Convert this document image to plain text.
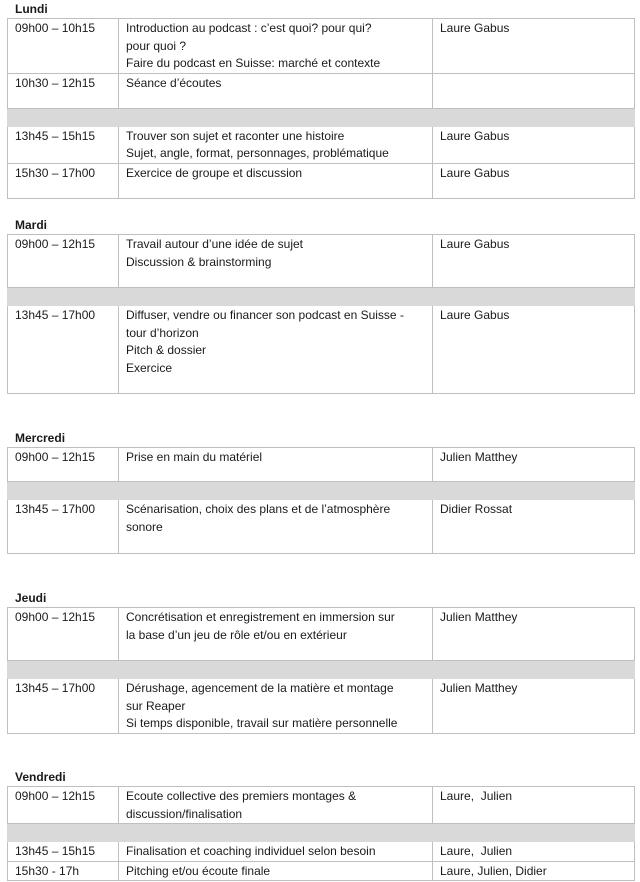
Lundi
09h00 – 10h15	Introduction au podcast : c’est quoi? pour qui?
pour quoi ?
Faire du podcast en Suisse: marché et contexte	Laure Gabus
10h30 – 12h15	Séance d’écoutes	

13h45 – 15h15	Trouver son sujet et raconter une histoire
Sujet, angle, format, personnages, problématique	Laure Gabus
15h30 – 17h00	Exercice de groupe et discussion	Laure Gabus
Mardi
09h00 – 12h15	Travail autour d’une idée de sujet
Discussion & brainstorming	Laure Gabus

13h45 – 17h00	Diffuser, vendre ou financer son podcast en Suisse -
tour d’horizon
Pitch & dossier
Exercice	Laure Gabus
Mercredi
09h00 – 12h15	Prise en main du matériel	Julien Matthey

13h45 – 17h00	Scénarisation, choix des plans et de l’atmosphère
sonore	Didier Rossat
Jeudi
09h00 – 12h15	Concrétisation et enregistrement en immersion sur
la base d’un jeu de rôle et/ou en extérieur	Julien Matthey

13h45 – 17h00	Dérushage, agencement de la matière et montage
sur Reaper
Si temps disponible, travail sur matière personnelle	Julien Matthey
Vendredi
09h00 – 12h15	Ecoute collective des premiers montages &
discussion/finalisation	Laure,  Julien

13h45 – 15h15	Finalisation et coaching individuel selon besoin	Laure,  Julien
15h30 - 17h	Pitching et/ou écoute finale	Laure, Julien, Didier
